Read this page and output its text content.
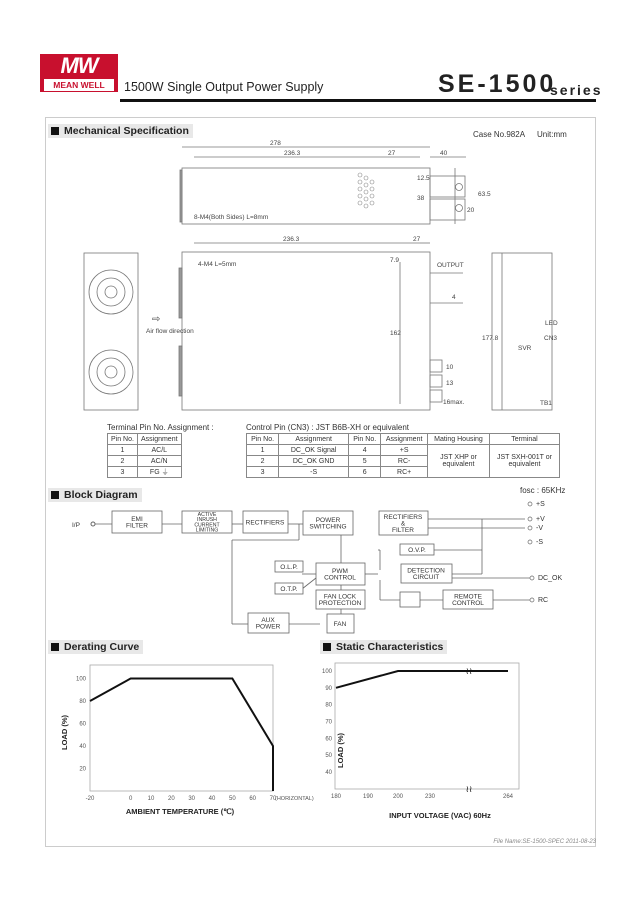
MW
MEAN WELL	1500W Single Output Power Supply	SE-1500
series
Mechanical Specification	Case No.982A Unit:mm
278
236.3	27	40
12.5
38
20
63.5
8-M4(Both Sides) L=8mm
236.3	27
7.9
162
4
10
13
16max.
177.8
4-M4 L=5mm	OUTPUT
Air flow direction
⇨
CN3
TB1
LED
SVR
Terminal Pin No. Assignment :
Pin No.	Assignment
1	AC/L
2	AC/N
3	FG ⏚
Control Pin (CN3) : JST B6B-XH or equivalent
Pin No.	Assignment	Pin No.	Assignment	Mating Housing	Terminal
1	DC_OK Signal	4	+S	JST XHP or equivalent	JST SXH-001T or equivalent
2	DC_OK GND	5	RC-		
3	-S	6	RC+		
Block Diagram	fosc : 65KHz
I/P
EMI FILTER
ACTIVE INRUSH CURRENT LIMITING
RECTIFIERS	POWER SWITCHING
RECTIFIERS & FILTER
O.V.P.
O.L.P.
PWM CONTROL
DETECTION CIRCUIT
O.T.P.
FAN LOCK PROTECTION
REMOTE CONTROL
AUX POWER	FAN
+S
+V
-V
-S
DC_OK
RC
Derating Curve	Static Characteristics
AMBIENT TEMPERATURE (℃)
(HORIZONTAL)
LOAD (%)
INPUT VOLTAGE (VAC) 60Hz
LOAD (%)
-20	0	10 20 30 40 50 60 70
20
40
60
80
100
180	190	200	230	264
40
50
60
70
80
90
100	≀≀
≀≀
File Name:SE-1500-SPEC 2011-08-23
